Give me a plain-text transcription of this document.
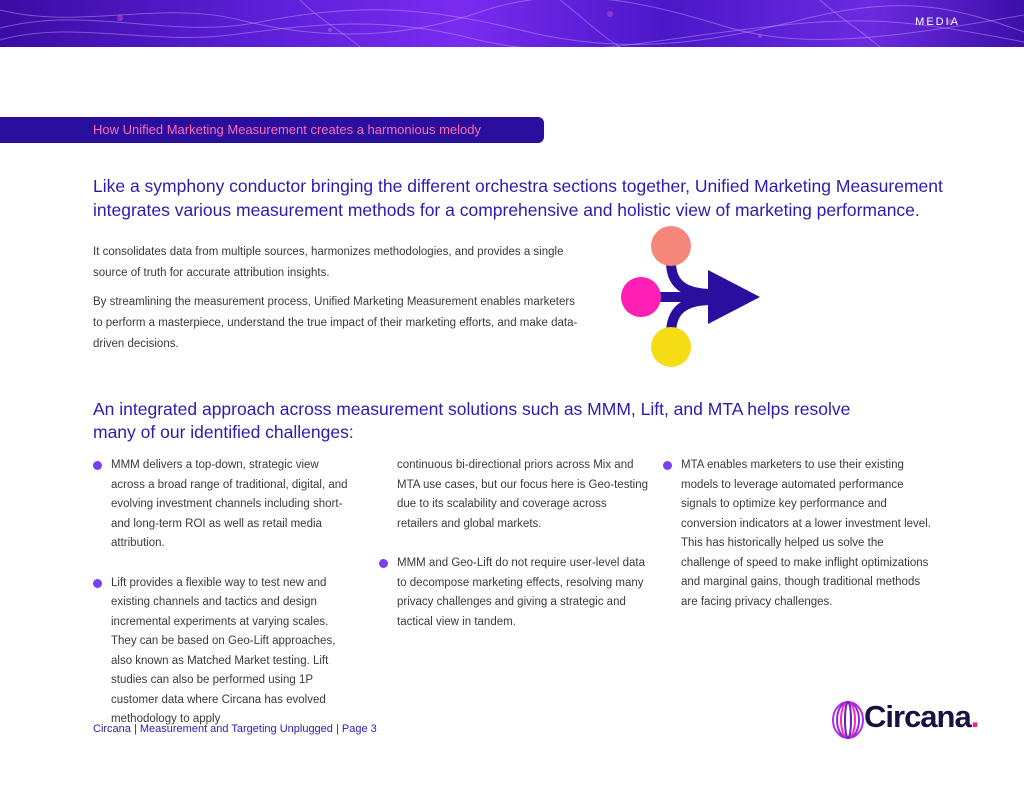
MEDIA
How Unified Marketing Measurement creates a harmonious melody

Like a symphony conductor bringing the different orchestra sections together, Unified Marketing Measurement integrates various measurement methods for a comprehensive and holistic view of marketing performance.

It consolidates data from multiple sources, harmonizes methodologies, and provides a single source of truth for accurate attribution insights.

By streamlining the measurement process, Unified Marketing Measurement enables marketers to perform a masterpiece, understand the true impact of their marketing efforts, and make data-driven decisions.

An integrated approach across measurement solutions such as MMM, Lift, and MTA helps resolve many of our identified challenges:

MMM delivers a top-down, strategic view across a broad range of traditional, digital, and evolving investment channels including short- and long-term ROI as well as retail media attribution.

Lift provides a flexible way to test new and existing channels and tactics and design incremental experiments at varying scales. They can be based on Geo-Lift approaches, also known as Matched Market testing. Lift studies can also be performed using 1P customer data where Circana has evolved methodology to apply

continuous bi-directional priors across Mix and MTA use cases, but our focus here is Geo-testing due to its scalability and coverage across retailers and global markets.

MMM and Geo-Lift do not require user-level data to decompose marketing effects, resolving many privacy challenges and giving a strategic and tactical view in tandem.

MTA enables marketers to use their existing models to leverage automated performance signals to optimize key performance and conversion indicators at a lower investment level. This has historically helped us solve the challenge of speed to make inflight optimizations and marginal gains, though traditional methods are facing privacy challenges.

Circana | Measurement and Targeting Unplugged | Page 3	Circana.
